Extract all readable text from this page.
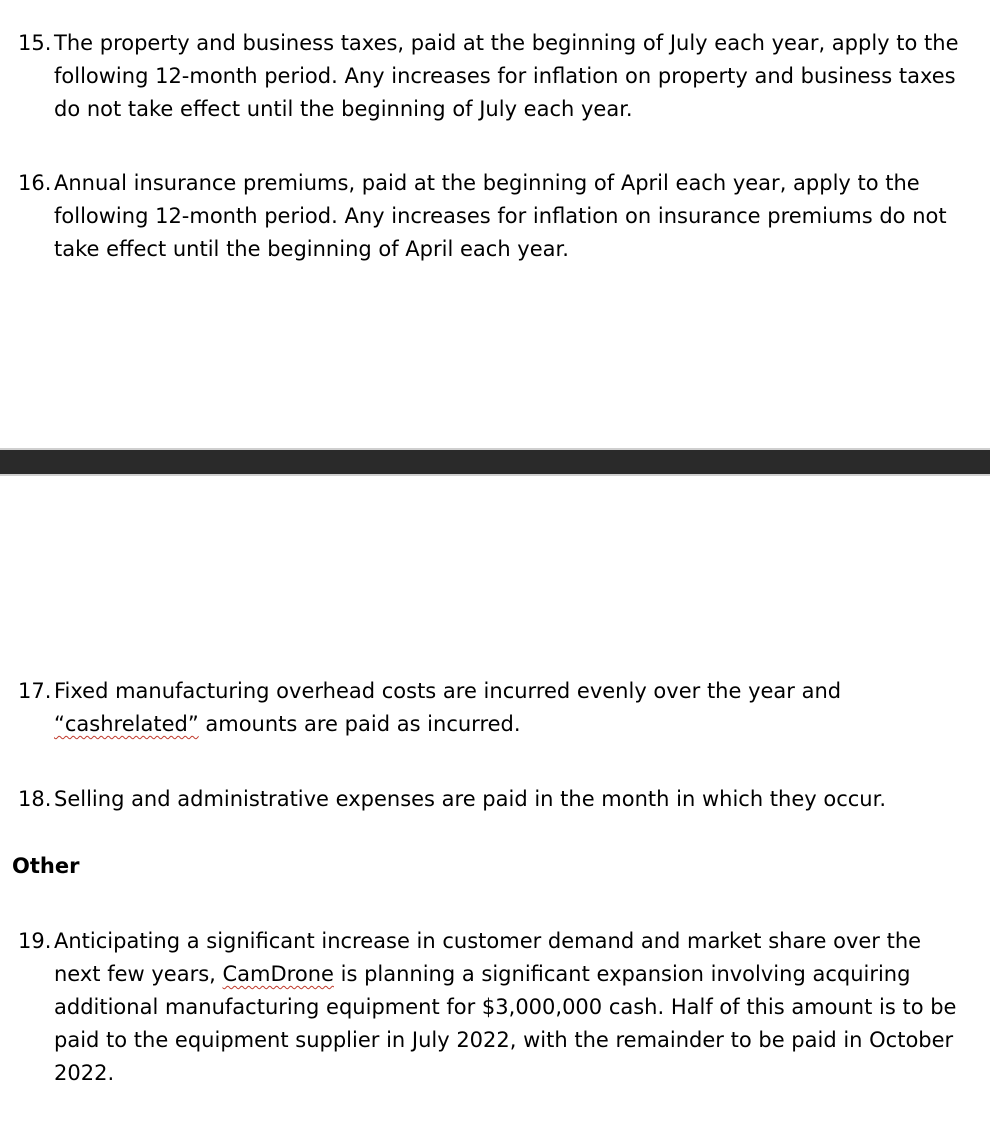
15. The property and business taxes, paid at the beginning of July each year, apply to the following 12-month period. Any increases for inflation on property and business taxes do not take effect until the beginning of July each year.
16. Annual insurance premiums, paid at the beginning of April each year, apply to the following 12-month period. Any increases for inflation on insurance premiums do not take effect until the beginning of April each year.
17. Fixed manufacturing overhead costs are incurred evenly over the year and
“cashrelated” amounts are paid as incurred.
18. Selling and administrative expenses are paid in the month in which they occur.
Other
19. Anticipating a significant increase in customer demand and market share over the next few years, CamDrone is planning a significant expansion involving acquiring additional manufacturing equipment for $3,000,000 cash. Half of this amount is to be paid to the equipment supplier in July 2022, with the remainder to be paid in October 2022.
